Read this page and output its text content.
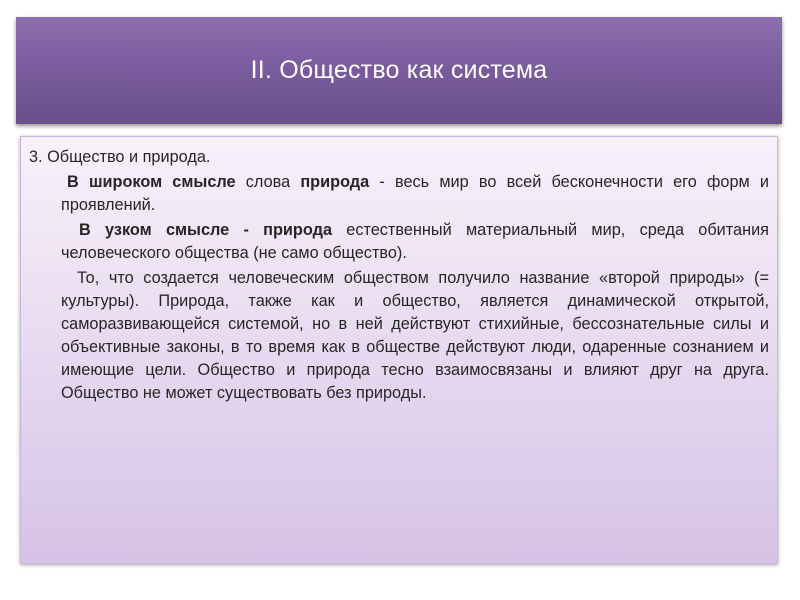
II. Общество как система
3. Общество и природа.

В широком смысле слова природа - весь мир во всей бесконечности его форм и проявлений.

В узком смысле - природа естественный материальный мир, среда обитания человеческого общества (не само общество).

То, что создается человеческим обществом получило название «второй природы» (= культуры). Природа, также как и общество, является динамической открытой, саморазвивающейся системой, но в ней действуют стихийные, бессознательные силы и объективные законы, в то время как в обществе действуют люди, одаренные сознанием и имеющие цели. Общество и природа тесно взаимосвязаны и влияют друг на друга. Общество не может существовать без природы.
